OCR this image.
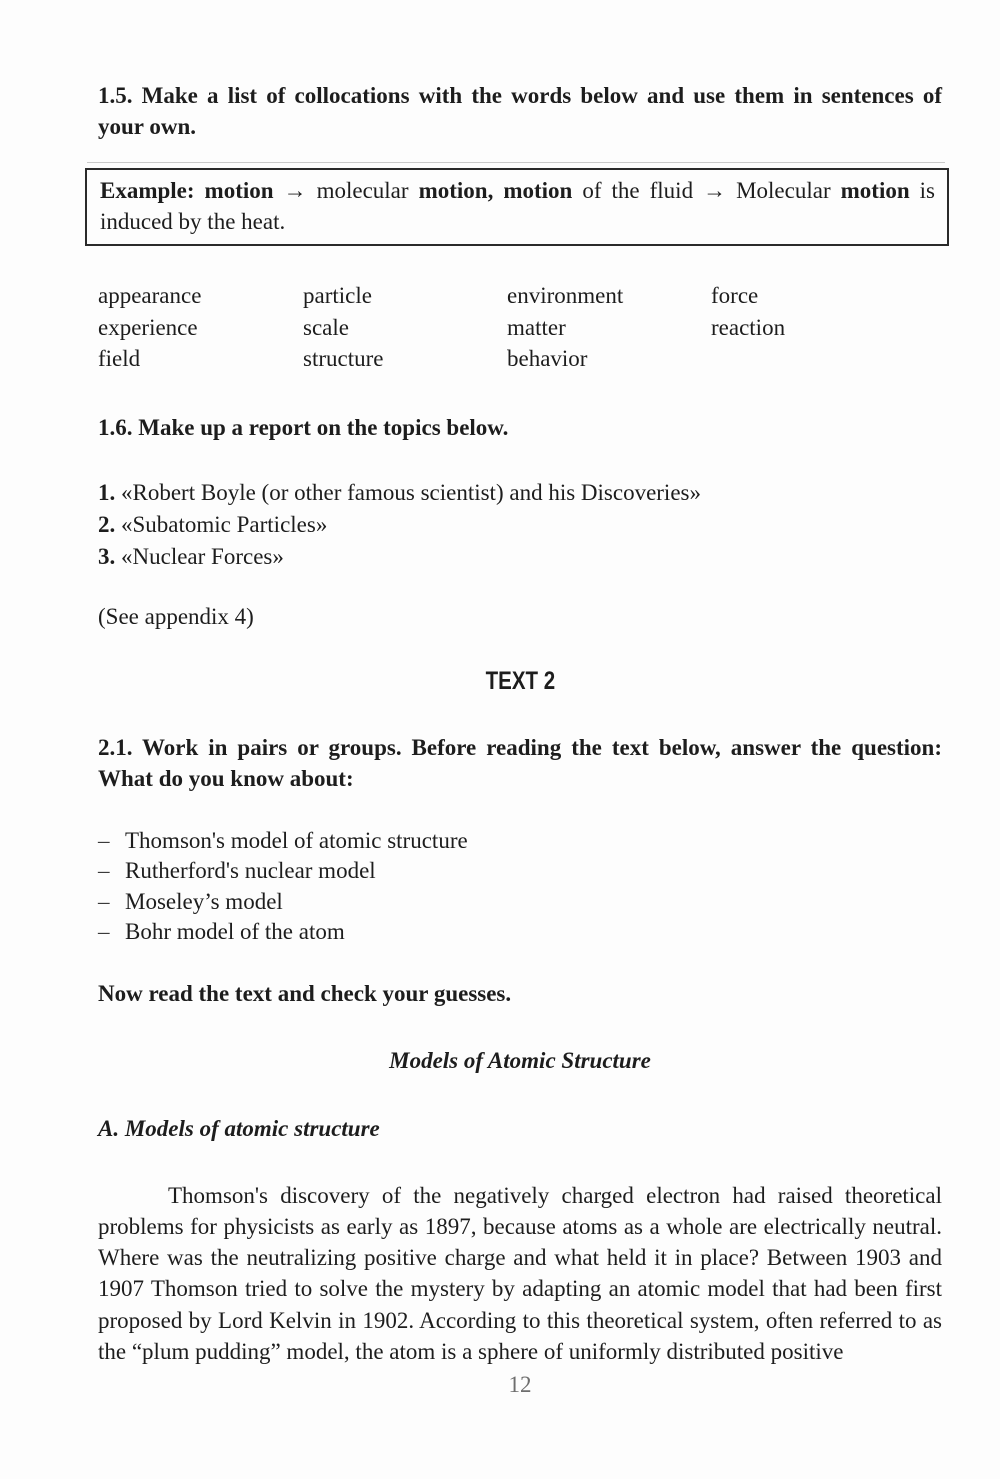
1.5. Make a list of collocations with the words below and use them in sentences of your own.

Example: motion → molecular motion, motion of the fluid → Molecular motion is induced by the heat.

appearance
experience
field
particle
scale
structure
environment
matter
behavior
force
reaction
1.6. Make up a report on the topics below.

1. «Robert Boyle (or other famous scientist) and his Discoveries»

2. «Subatomic Particles»

3. «Nuclear Forces»

(See appendix 4)

TEXT 2
2.1. Work in pairs or groups. Before reading the text below, answer the question: What do you know about:
– Thomson's model of atomic structure
– Rutherford's nuclear model
– Moseley’s model
– Bohr model of the atom

Now read the text and check your guesses.

Models of Atomic Structure

A. Models of atomic structure

Thomson's discovery of the negatively charged electron had raised theoretical problems for physicists as early as 1897, because atoms as a whole are electrically neutral. Where was the neutralizing positive charge and what held it in place? Between 1903 and 1907 Thomson tried to solve the mystery by adapting an atomic model that had been first proposed by Lord Kelvin in 1902. According to this theoretical system, often referred to as the “plum pudding” model, the atom is a sphere of uniformly distributed positive

12
